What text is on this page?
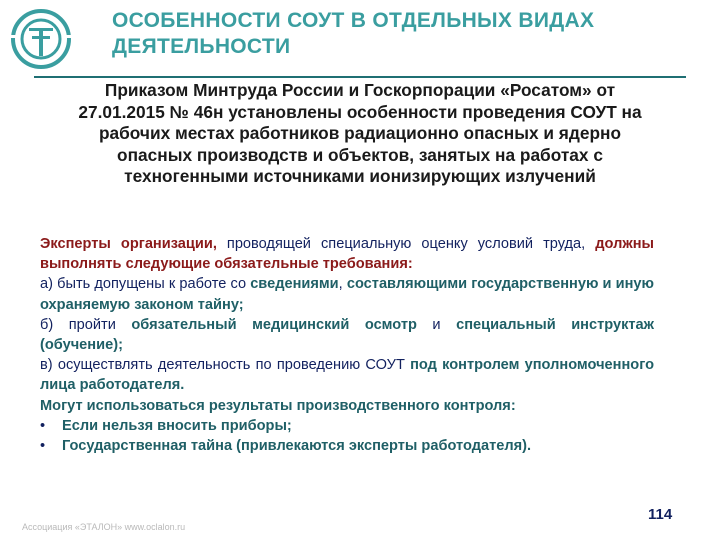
ОСОБЕННОСТИ СОУТ В ОТДЕЛЬНЫХ ВИДАХ
ДЕЯТЕЛЬНОСТИ
Приказом Минтруда России и Госкорпорации «Росатом» от
27.01.2015 № 46н установлены особенности проведения СОУТ на
рабочих местах работников радиационно опасных и ядерно
опасных производств и объектов, занятых на работах с
техногенными источниками ионизирующих излучений

Эксперты организации, проводящей специальную оценку условий труда, должны выполнять следующие обязательные требования:

а) быть допущены к работе со сведениями, составляющими государственную и иную охраняемую законом тайну;

б) пройти обязательный медицинский осмотр и специальный инструктаж (обучение);

в) осуществлять деятельность по проведению СОУТ под контролем уполномоченного лица работодателя.

Могут использоваться результаты производственного контроля:

•	Если нельзя вносить приборы;

•	Государственная тайна (привлекаются эксперты работодателя).

Ассоциация «ЭТАЛОН» www.oclalon.ru
114
